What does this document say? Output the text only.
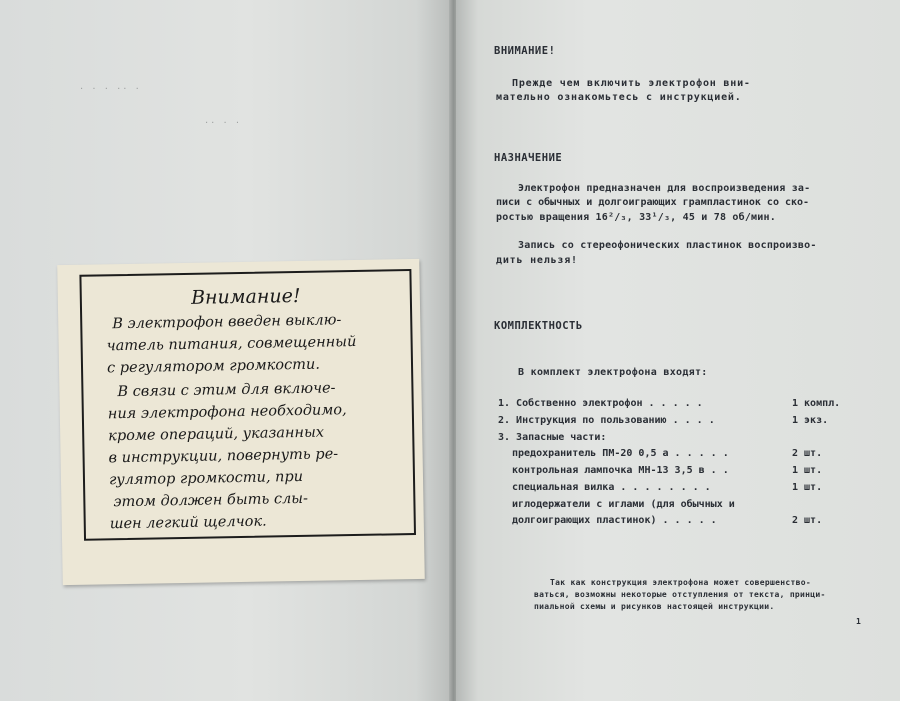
· · · ·· ·
·· · ·
Внимание!
В электрофон введен выклю-
чатель питания, совмещенный
с регулятором громкости.
В связи с этим для включе-
ния электрофона необходимо,
кроме операций, указанных
в инструкции, повернуть ре-
гулятор громкости, при
этом должен быть слы-
шен легкий щелчок.
ВНИМАНИЕ!
Прежде чем включить электрофон вни-
мательно ознакомьтесь с инструкцией.
НАЗНАЧЕНИЕ
Электрофон предназначен для воспроизведения за-
писи с обычных и долгоиграющих грампластинок со ско-
ростью вращения 16²/₃, 33¹/₃, 45 и 78 об/мин.
Запись со стереофонических пластинок воспроизво-
дить нельзя!
КОМПЛЕКТНОСТЬ
В комплект электрофона входят:
1. Собственно электрофон . . . . .	1 компл.
2. Инструкция по пользованию . . . .	1 экз.
3. Запасные части:
предохранитель ПМ-20 0,5 а . . . . .	2 шт.
контрольная лампочка МН-13 3,5 в . .	1 шт.
специальная вилка . . . . . . . .	1 шт.
иглодержатели с иглами (для обычных и
долгоиграющих пластинок) . . . . .	2 шт.
Так как конструкция электрофона может совершенство-
ваться, возможны некоторые отступления от текста, принци-
пиальной схемы и рисунков настоящей инструкции.
1
